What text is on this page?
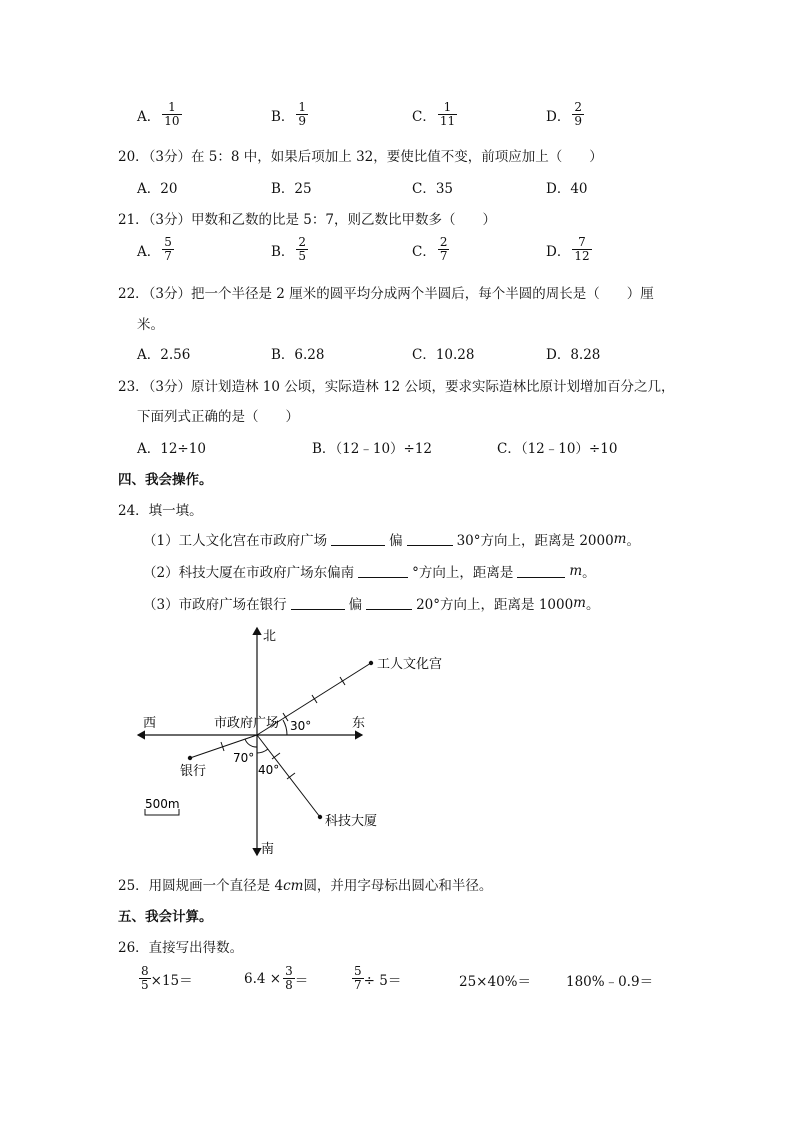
A． $\frac{1}{10}$	B． $\frac{1}{9}$	C． $\frac{1}{11}$	D． $\frac{2}{9}$
20．（3分）在 5：8 中，如果后项加上 32，要使比值不变，前项应加上（　　）
A．20	B．25	C．35	D．40
21．（3分）甲数和乙数的比是 5：7，则乙数比甲数多（　　）
A． $\frac{5}{7}$	B． $\frac{2}{5}$	C． $\frac{2}{7}$	D． $\frac{7}{12}$
22．（3分）把一个半径是 2 厘米的圆平均分成两个半圆后，每个半圆的周长是（　　）厘
米。
A．2.56	B．6.28	C．10.28	D．8.28
23．（3分）原计划造林 10 公顷，实际造林 12 公顷，要求实际造林比原计划增加百分之几，
下面列式正确的是（　　）
A．12÷10	B．（12﹣10）÷12	C．（12﹣10）÷10
四、我会操作。
24．填一填。
（1）工人文化宫在市政府广场	偏	30°方向上，距离是 2000 m 。
（2）科技大厦在市政府广场东偏南	°方向上，距离是	m 。
（3）市政府广场在银行	偏	20°方向上，距离是 1000 m 。
北
南
东
西	市政府广场
工人文化宫
银行
科技大厦
30°
70°
40°
500m
25．用圆规画一个直径是 4cm圆，并用字母标出圆心和半径。
五、我会计算。
26．直接写出得数。
$\frac{8}{5} \times 15=$	$6.4 \times \frac{3}{8}$ ＝	$\frac{5}{7} \div 5=$	25×40%＝	180%﹣0.9＝
